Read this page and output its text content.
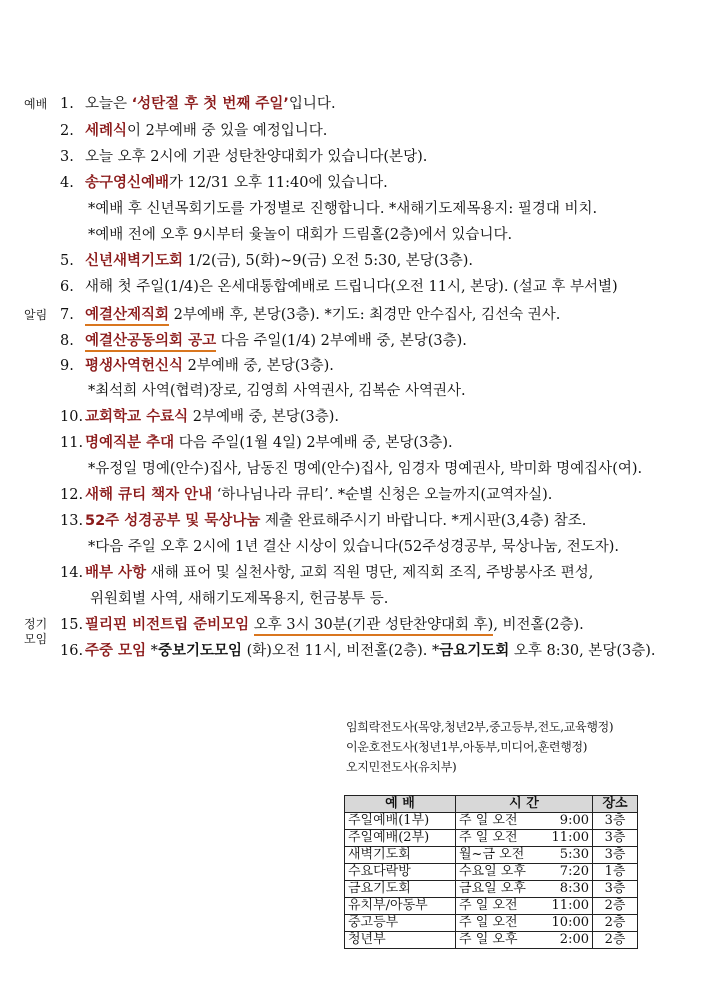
예배
알림
정기
모임
1. 오늘은 ‘성탄절 후 첫 번째 주일’입니다.
2. 세례식이 2부예배 중 있을 예정입니다.
3. 오늘 오후 2시에 기관 성탄찬양대회가 있습니다(본당).
4. 송구영신예배가 12/31 오후 11:40에 있습니다.
*예배 후 신년목회기도를 가정별로 진행합니다. *새해기도제목용지: 필경대 비치.
*예배 전에 오후 9시부터 윷놀이 대회가 드림홀(2층)에서 있습니다.
5. 신년새벽기도회 1/2(금), 5(화)~9(금) 오전 5:30, 본당(3층).
6. 새해 첫 주일(1/4)은 온세대통합예배로 드립니다(오전 11시, 본당). (설교 후 부서별)
7. 예결산제직회 2부예배 후, 본당(3층). *기도: 최경만 안수집사, 김선숙 권사.
8. 예결산공동의회 공고 다음 주일(1/4) 2부예배 중, 본당(3층).
9. 평생사역헌신식 2부예배 중, 본당(3층).
*최석희 사역(협력)장로, 김영희 사역권사, 김복순 사역권사.
10. 교회학교 수료식 2부예배 중, 본당(3층).
11. 명예직분 추대 다음 주일(1월 4일) 2부예배 중, 본당(3층).
*유정일 명예(안수)집사, 남동진 명예(안수)집사, 임경자 명예권사, 박미화 명예집사(여).
12. 새해 큐티 책자 안내 ‘하나님나라 큐티’. *순별 신청은 오늘까지(교역자실).
13. 52주 성경공부 및 묵상나눔 제출 완료해주시기 바랍니다. *게시판(3,4층) 참조.
*다음 주일 오후 2시에 1년 결산 시상이 있습니다(52주성경공부, 묵상나눔, 전도자).
14. 배부 사항 새해 표어 및 실천사항, 교회 직원 명단, 제직회 조직, 주방봉사조 편성,
위원회별 사역, 새해기도제목용지, 헌금봉투 등.
15. 필리핀 비전트립 준비모임 오후 3시 30분(기관 성탄찬양대회 후), 비전홀(2층).
16. 주중 모임 *중보기도모임 (화)오전 11시, 비전홀(2층). *금요기도회 오후 8:30, 본당(3층).
임희락전도사(목양,청년2부,중고등부,전도,교육행정)
이운호전도사(청년1부,아동부,미디어,훈련행정)
오지민전도사(유치부)
예 배	시 간	장소
주일예배(1부)	주 일 오전 9:00	3층
주일예배(2부)	주 일 오전 11:00	3층
새벽기도회	월~금 오전 5:30	3층
수요다락방	수요일 오후 7:20	1층
금요기도회	금요일 오후 8:30	3층
유치부/아동부	주 일 오전 11:00	2층
중고등부	주 일 오전 10:00	2층
청년부	주 일 오후 2:00	2층
